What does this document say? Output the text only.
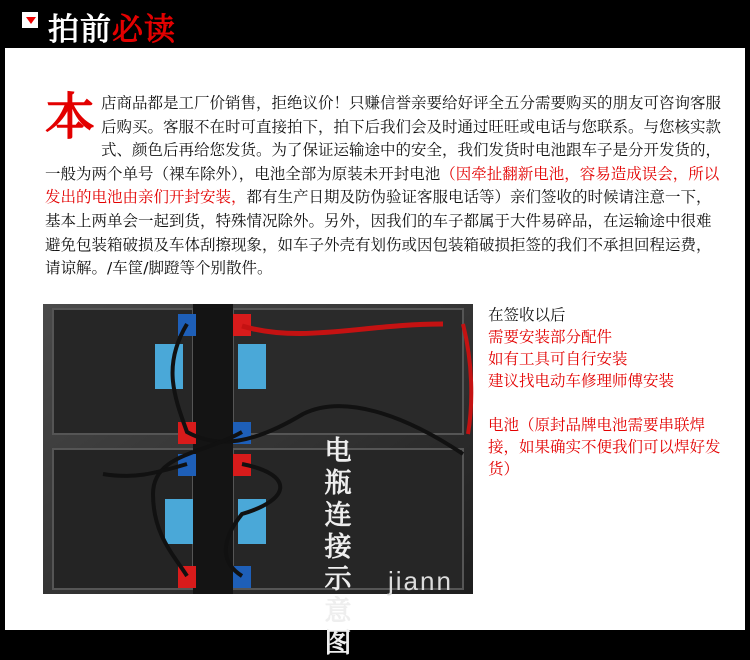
拍前必读
本店商品都是工厂价销售，拒绝议价！只赚信誉亲要给好评全五分需要购买的朋友可咨询客服后购买。客服不在时可直接拍下，拍下后我们会及时通过旺旺或电话与您联系。与您核实款式、颜色后再给您发货。为了保证运输途中的安全，我们发货时电池跟车子是分开发货的，一般为两个单号（裸车除外），电池全部为原装未开封电池（因牵扯翻新电池，容易造成误会，所以发出的电池由亲们开封安装，都有生产日期及防伪验证客服电话等）亲们签收的时候请注意一下，基本上两单会一起到货，特殊情况除外。另外，因我们的车子都属于大件易碎品，在运输途中很难避免包装箱破损及车体刮擦现象，如车子外壳有划伤或因包装箱破损拒签的我们不承担回程运费，请谅解。/车筐/脚蹬等个别散件。
电
瓶
连
接
示
意
图
jiann
在签收以后
需要安装部分配件
如有工具可自行安装
建议找电动车修理师傅安装
电池（原封品牌电池需要串联焊接，如果确实不便我们可以焊好发货）
